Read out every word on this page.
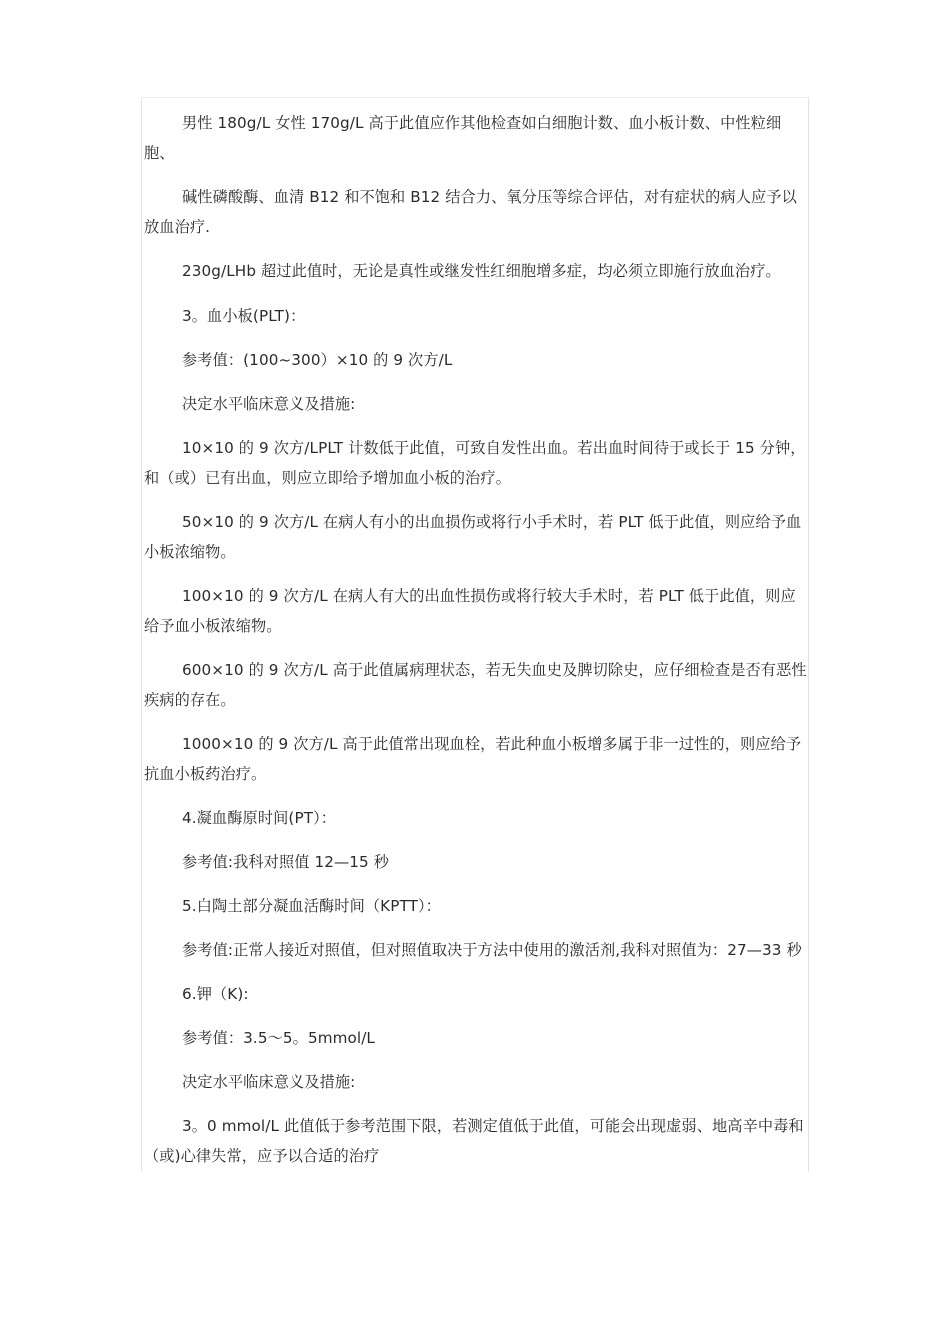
男性 180g/L 女性 170g/L 高于此值应作其他检查如白细胞计数、血小板计数、中性粒细胞、

碱性磷酸酶、血清 B12 和不饱和 B12 结合力、氧分压等综合评估，对有症状的病人应予以放血治疗.

230g/LHb 超过此值时，无论是真性或继发性红细胞增多症，均必须立即施行放血治疗。

3。血小板(PLT)：

参考值：(100~300）×10 的 9 次方/L

决定水平临床意义及措施:

10×10 的 9 次方/LPLT 计数低于此值，可致自发性出血。若出血时间待于或长于 15 分钟，和（或）已有出血，则应立即给予增加血小板的治疗。

50×10 的 9 次方/L 在病人有小的出血损伤或将行小手术时，若 PLT 低于此值，则应给予血小板浓缩物。

100×10 的 9 次方/L 在病人有大的出血性损伤或将行较大手术时，若 PLT 低于此值，则应给予血小板浓缩物。

600×10 的 9 次方/L 高于此值属病理状态，若无失血史及脾切除史，应仔细检查是否有恶性疾病的存在。

1000×10 的 9 次方/L 高于此值常出现血栓，若此种血小板增多属于非一过性的，则应给予抗血小板药治疗。

4.凝血酶原时间(PT）：

参考值:我科对照值 12—15 秒

5.白陶土部分凝血活酶时间（KPTT）：

参考值:正常人接近对照值，但对照值取决于方法中使用的激活剂,我科对照值为：27—33 秒

6.钾（K):

参考值：3.5～5。5mmol/L

决定水平临床意义及措施:

3。0 mmol/L 此值低于参考范围下限，若测定值低于此值，可能会出现虚弱、地高辛中毒和（或)心律失常，应予以合适的治疗
